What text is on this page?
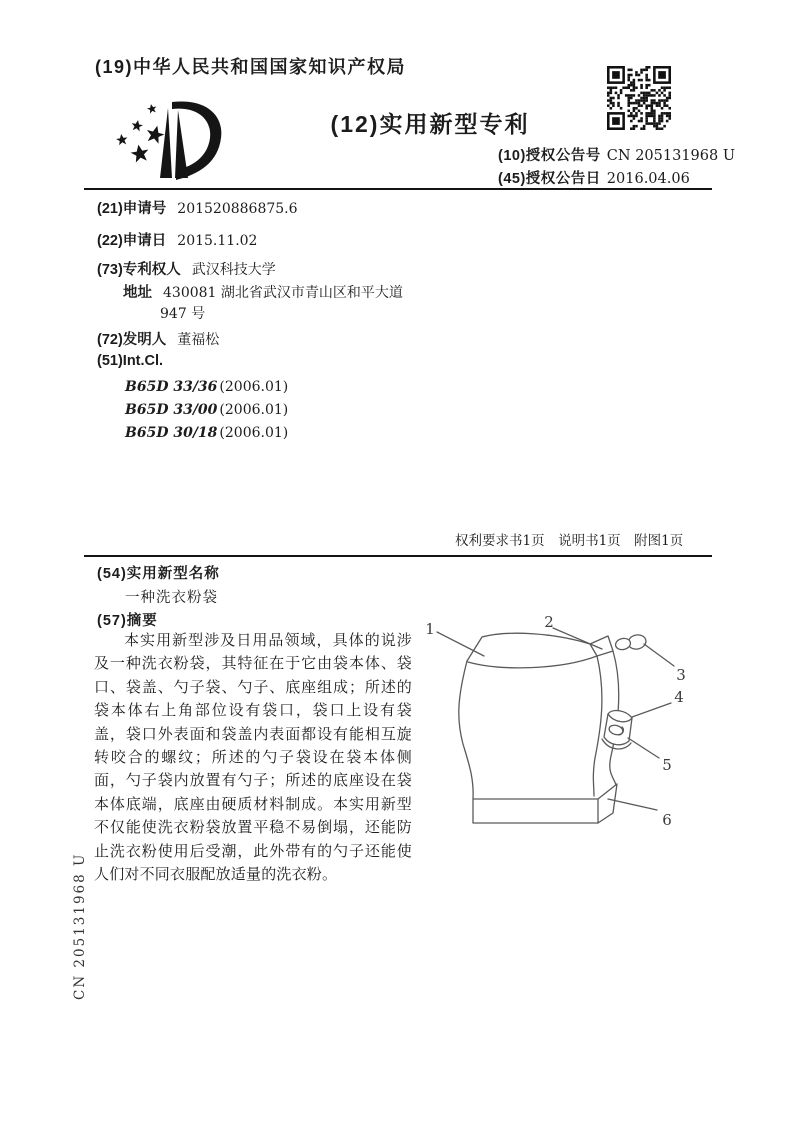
(19)中华人民共和国国家知识产权局
(12)实用新型专利
(10)授权公告号 CN 205131968 U
(45)授权公告日 2016.04.06
(21)申请号 201520886875.6
(22)申请日 2015.11.02
(73)专利权人 武汉科技大学
地址 430081 湖北省武汉市青山区和平大道
947 号
(72)发明人 董福松
(51)Int.Cl.
B65D 33/36 (2006.01)
B65D 33/00 (2006.01)
B65D 30/18 (2006.01)
权利要求书1页　说明书1页　附图1页
(54)实用新型名称
一种洗衣粉袋
(57)摘要
本实用新型涉及日用品领域，具体的说涉及一种洗衣粉袋，其特征在于它由袋本体、袋口、袋盖、勺子袋、勺子、底座组成；所述的袋本体右上角部位设有袋口，袋口上设有袋盖，袋口外表面和袋盖内表面都设有能相互旋转咬合的螺纹；所述的勺子袋设在袋本体侧面，勺子袋内放置有勺子；所述的底座设在袋本体底端，底座由硬质材料制成。本实用新型不仅能使洗衣粉袋放置平稳不易倒塌，还能防止洗衣粉使用后受潮，此外带有的勺子还能使人们对不同衣服配放适量的洗衣粉。
1	2
3
4
5
6
CN 205131968 U
